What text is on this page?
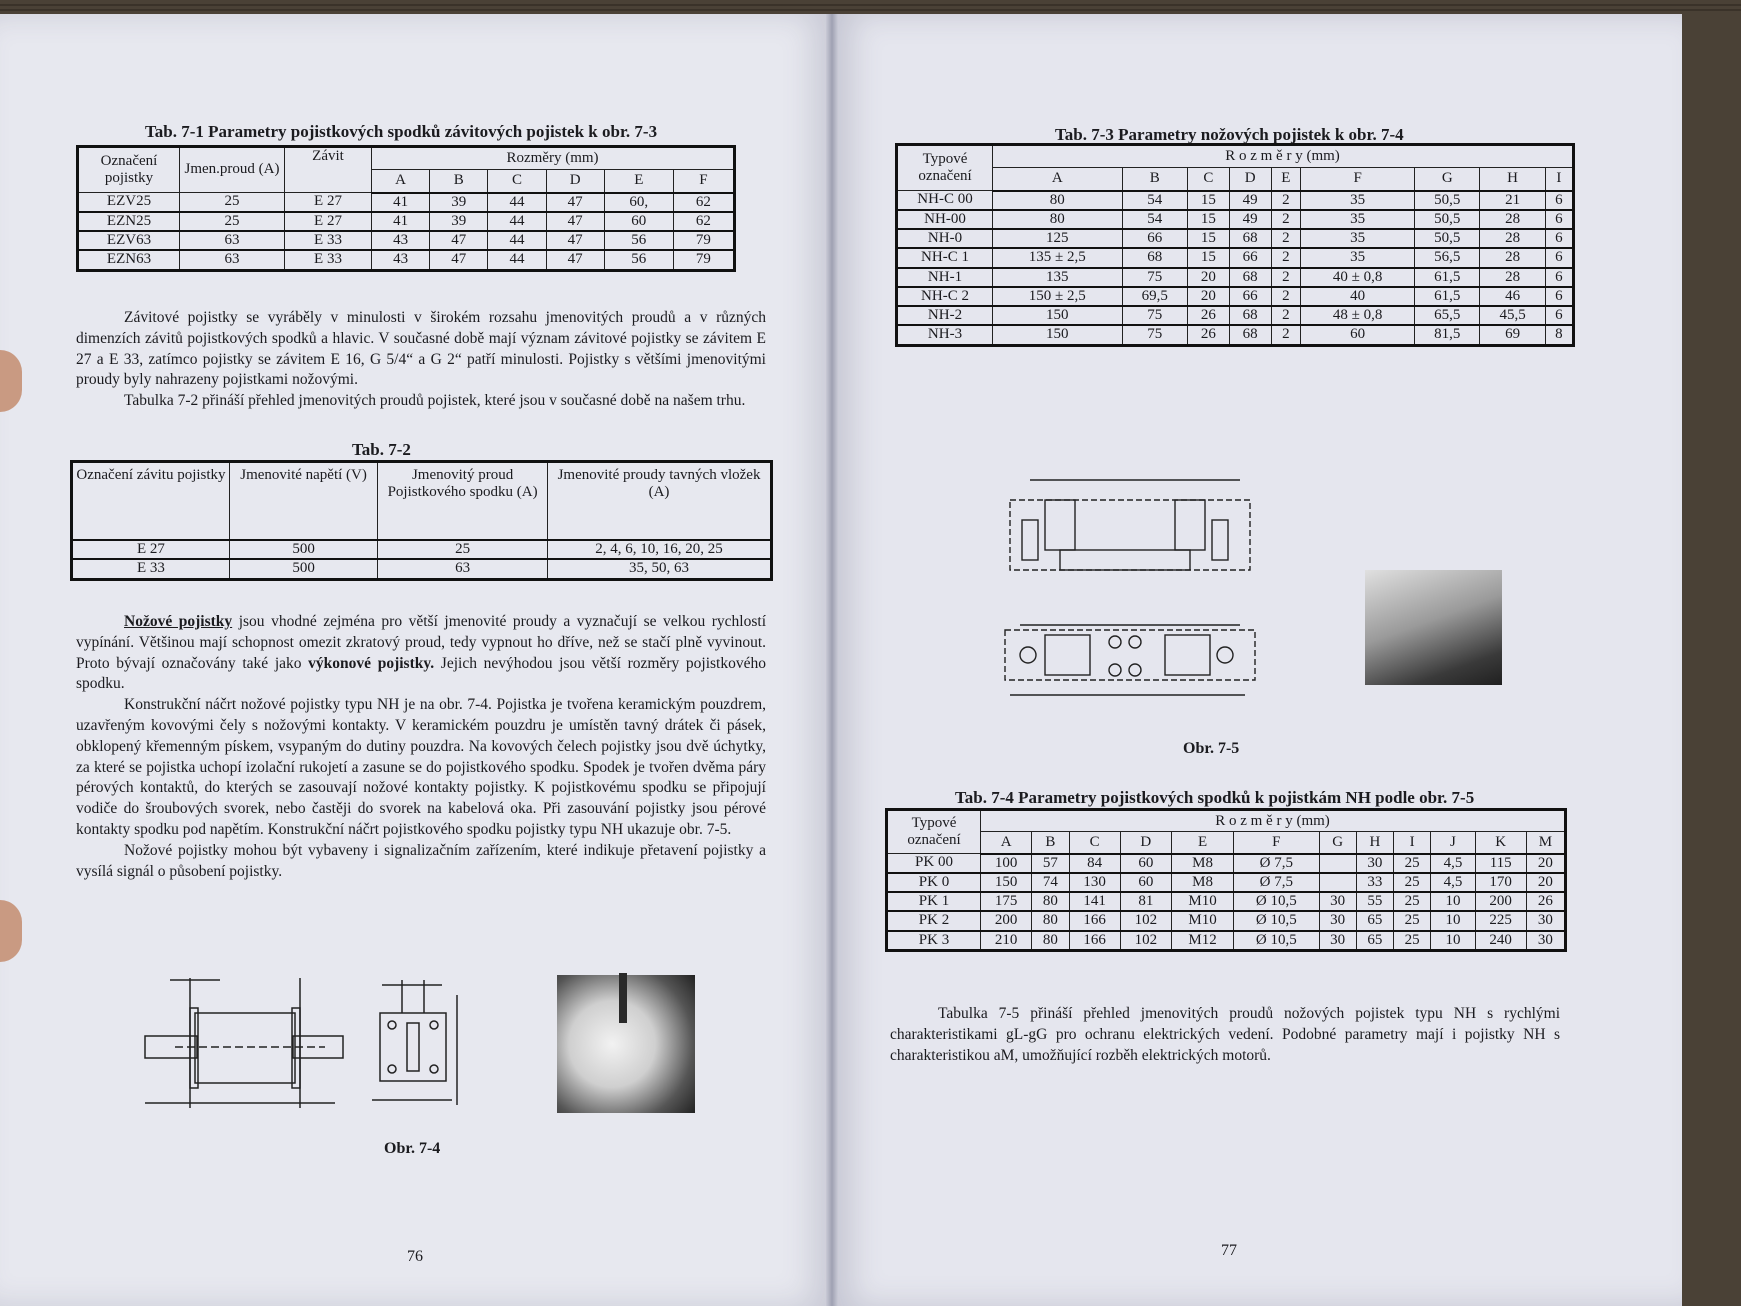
Tab. 7-1 Parametry pojistkových spodků závitových pojistek k obr. 7-3
Označení pojistky	Jmen.proud (A)	Závit	Rozměry (mm)					
			A	B	C	D	E	F
EZV25	25	E 27	41	39	44	47	60,	62
EZN25	25	E 27	41	39	44	47	60	62
EZV63	63	E 33	43	47	44	47	56	79
EZN63	63	E 33	43	47	44	47	56	79

Závitové pojistky se vyráběly v minulosti v širokém rozsahu jmenovitých proudů a v různých dimenzích závitů pojistkových spodků a hlavic. V současné době mají význam závitové pojistky se závitem E 27 a E 33, zatímco pojistky se závitem E 16, G 5/4“ a G 2“ patří minulosti. Pojistky s většími jmenovitými proudy byly nahrazeny pojistkami nožovými.

Tabulka 7-2 přináší přehled jmenovitých proudů pojistek, které jsou v současné době na našem trhu.

Tab. 7-2
Označení závitu pojistky	Jmenovité napětí (V)	Jmenovitý proud Pojistkového spodku (A)	Jmenovité proudy tavných vložek (A)
E 27	500	25	2, 4, 6, 10, 16, 20, 25
E 33	500	63	35, 50, 63

Nožové pojistky jsou vhodné zejména pro větší jmenovité proudy a vyznačují se velkou rychlostí vypínání. Většinou mají schopnost omezit zkratový proud, tedy vypnout ho dříve, než se stačí plně vyvinout. Proto bývají označovány také jako výkonové pojistky. Jejich nevýhodou jsou větší rozměry pojistkového spodku.

Konstrukční náčrt nožové pojistky typu NH je na obr. 7-4. Pojistka je tvořena keramickým pouzdrem, uzavřeným kovovými čely s nožovými kontakty. V keramickém pouzdru je umístěn tavný drátek či pásek, obklopený křemenným pískem, vsypaným do dutiny pouzdra. Na kovových čelech pojistky jsou dvě úchytky, za které se pojistka uchopí izolační rukojetí a zasune se do pojistkového spodku. Spodek je tvořen dvěma páry pérových kontaktů, do kterých se zasouvají nožové kontakty pojistky. K pojistkovému spodku se připojují vodiče do šroubových svorek, nebo častěji do svorek na kabelová oka. Při zasouvání pojistky jsou pérové kontakty spodku pod napětím. Konstrukční náčrt pojistkového spodku pojistky typu NH ukazuje obr. 7-5.

Nožové pojistky mohou být vybaveny i signalizačním zařízením, které indikuje přetavení pojistky a vysílá signál o působení pojistky.

Obr. 7-4
76
Tab. 7-3 Parametry nožových pojistek k obr. 7-4
Typové označení	R o z m ě r y (mm)								
	A	B	C	D	E	F	G	H	I
NH-C 00	80	54	15	49	2	35	50,5	21	6
NH-00	80	54	15	49	2	35	50,5	28	6
NH-0	125	66	15	68	2	35	50,5	28	6
NH-C 1	135 ± 2,5	68	15	66	2	35	56,5	28	6
NH-1	135	75	20	68	2	40 ± 0,8	61,5	28	6
NH-C 2	150 ± 2,5	69,5	20	66	2	40	61,5	46	6
NH-2	150	75	26	68	2	48 ± 0,8	65,5	45,5	6
NH-3	150	75	26	68	2	60	81,5	69	8
Obr. 7-5
Tab. 7-4 Parametry pojistkových spodků k pojistkám NH podle obr. 7-5
Typové označení	R o z m ě r y (mm)											
	A	B	C	D	E	F	G	H	I	J	K	M
PK 00	100	57	84	60	M8	Ø 7,5		30	25	4,5	115	20
PK 0	150	74	130	60	M8	Ø 7,5		33	25	4,5	170	20
PK 1	175	80	141	81	M10	Ø 10,5	30	55	25	10	200	26
PK 2	200	80	166	102	M10	Ø 10,5	30	65	25	10	225	30
PK 3	210	80	166	102	M12	Ø 10,5	30	65	25	10	240	30

Tabulka 7-5 přináší přehled jmenovitých proudů nožových pojistek typu NH s rychlými charakteristikami gL-gG pro ochranu elektrických vedení. Podobné parametry mají i pojistky NH s charakteristikou aM, umožňující rozběh elektrických motorů.

77
